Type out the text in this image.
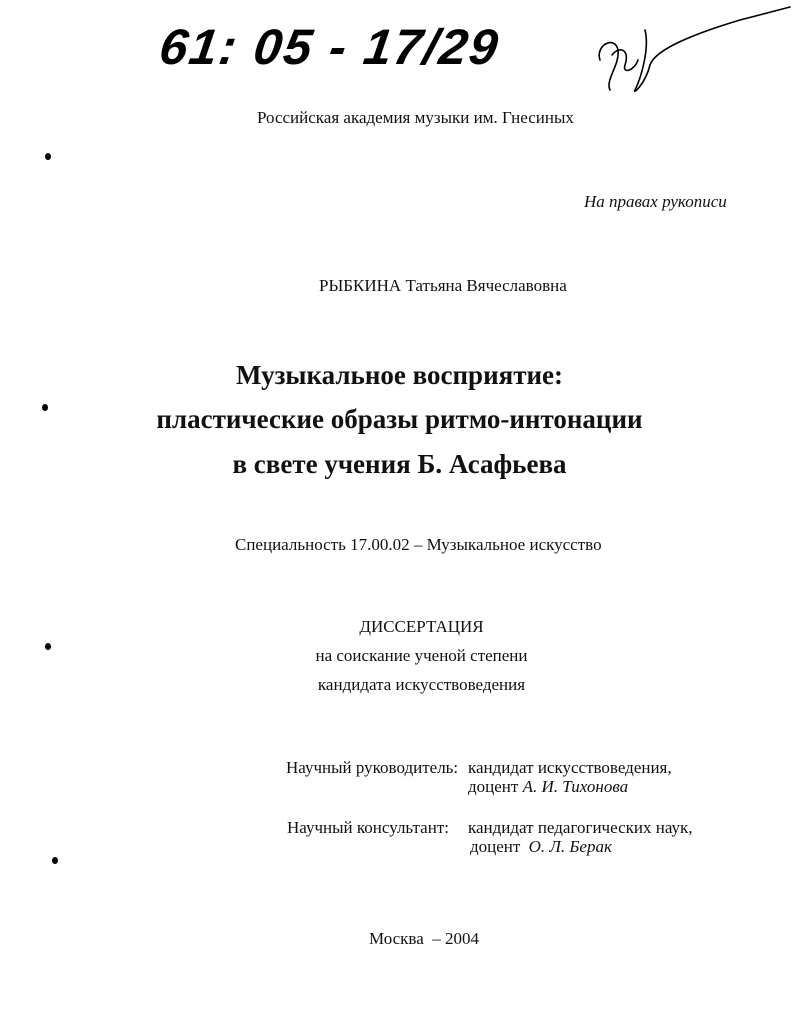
61: 05 - 17/29
Российская академия музыки им. Гнесиных
На правах рукописи
РЫБКИНА Татьяна Вячеславовна
Музыкальное восприятие:
пластические образы ритмо-интонации
в свете учения Б. Асафьева
Специальность 17.00.02 – Музыкальное искусство
ДИССЕРТАЦИЯ
на соискание ученой степени
кандидата искусствоведения
Научный руководитель: кандидат искусствоведения,
доцент А. И. Тихонова
Научный консультант: кандидат педагогических наук,
доцент О. Л. Берак
Москва  – 2004
